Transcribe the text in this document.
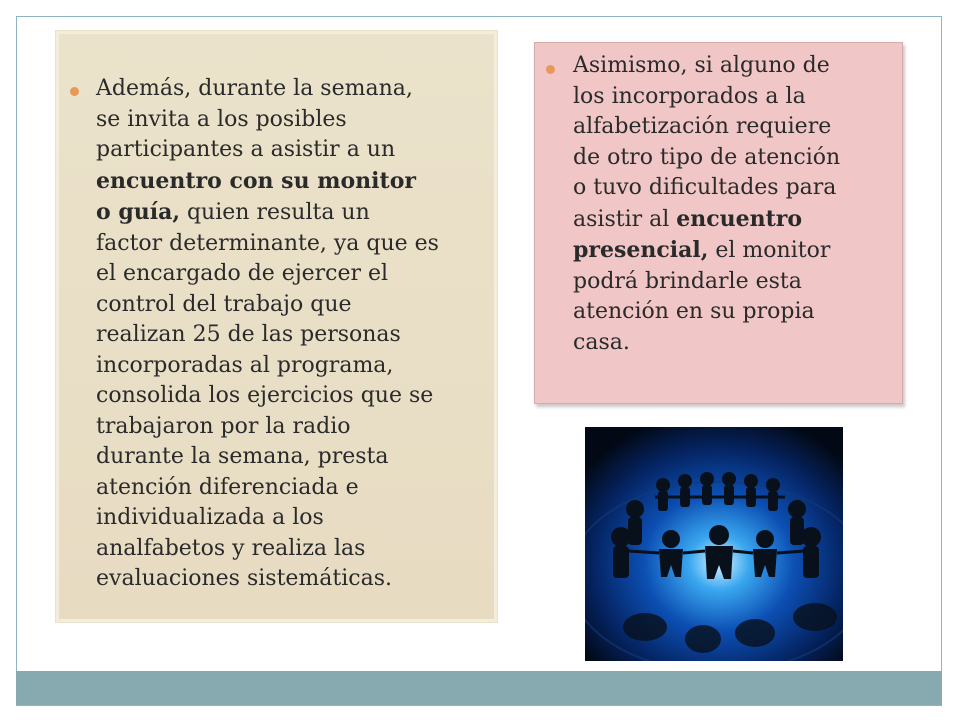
Además, durante la semana,
se invita a los posibles
participantes a asistir a un
encuentro con su monitor
o guía, quien resulta un
factor determinante, ya que es
el encargado de ejercer el
control del trabajo que
realizan 25 de las personas
incorporadas al programa,
consolida los ejercicios que se
trabajaron por la radio
durante la semana, presta
atención diferenciada e
individualizada a los
analfabetos y realiza las
evaluaciones sistemáticas.

Asimismo, si alguno de
los incorporados a la
alfabetización requiere
de otro tipo de atención
o tuvo dificultades para
asistir al encuentro
presencial, el monitor
podrá brindarle esta
atención en su propia
casa.
